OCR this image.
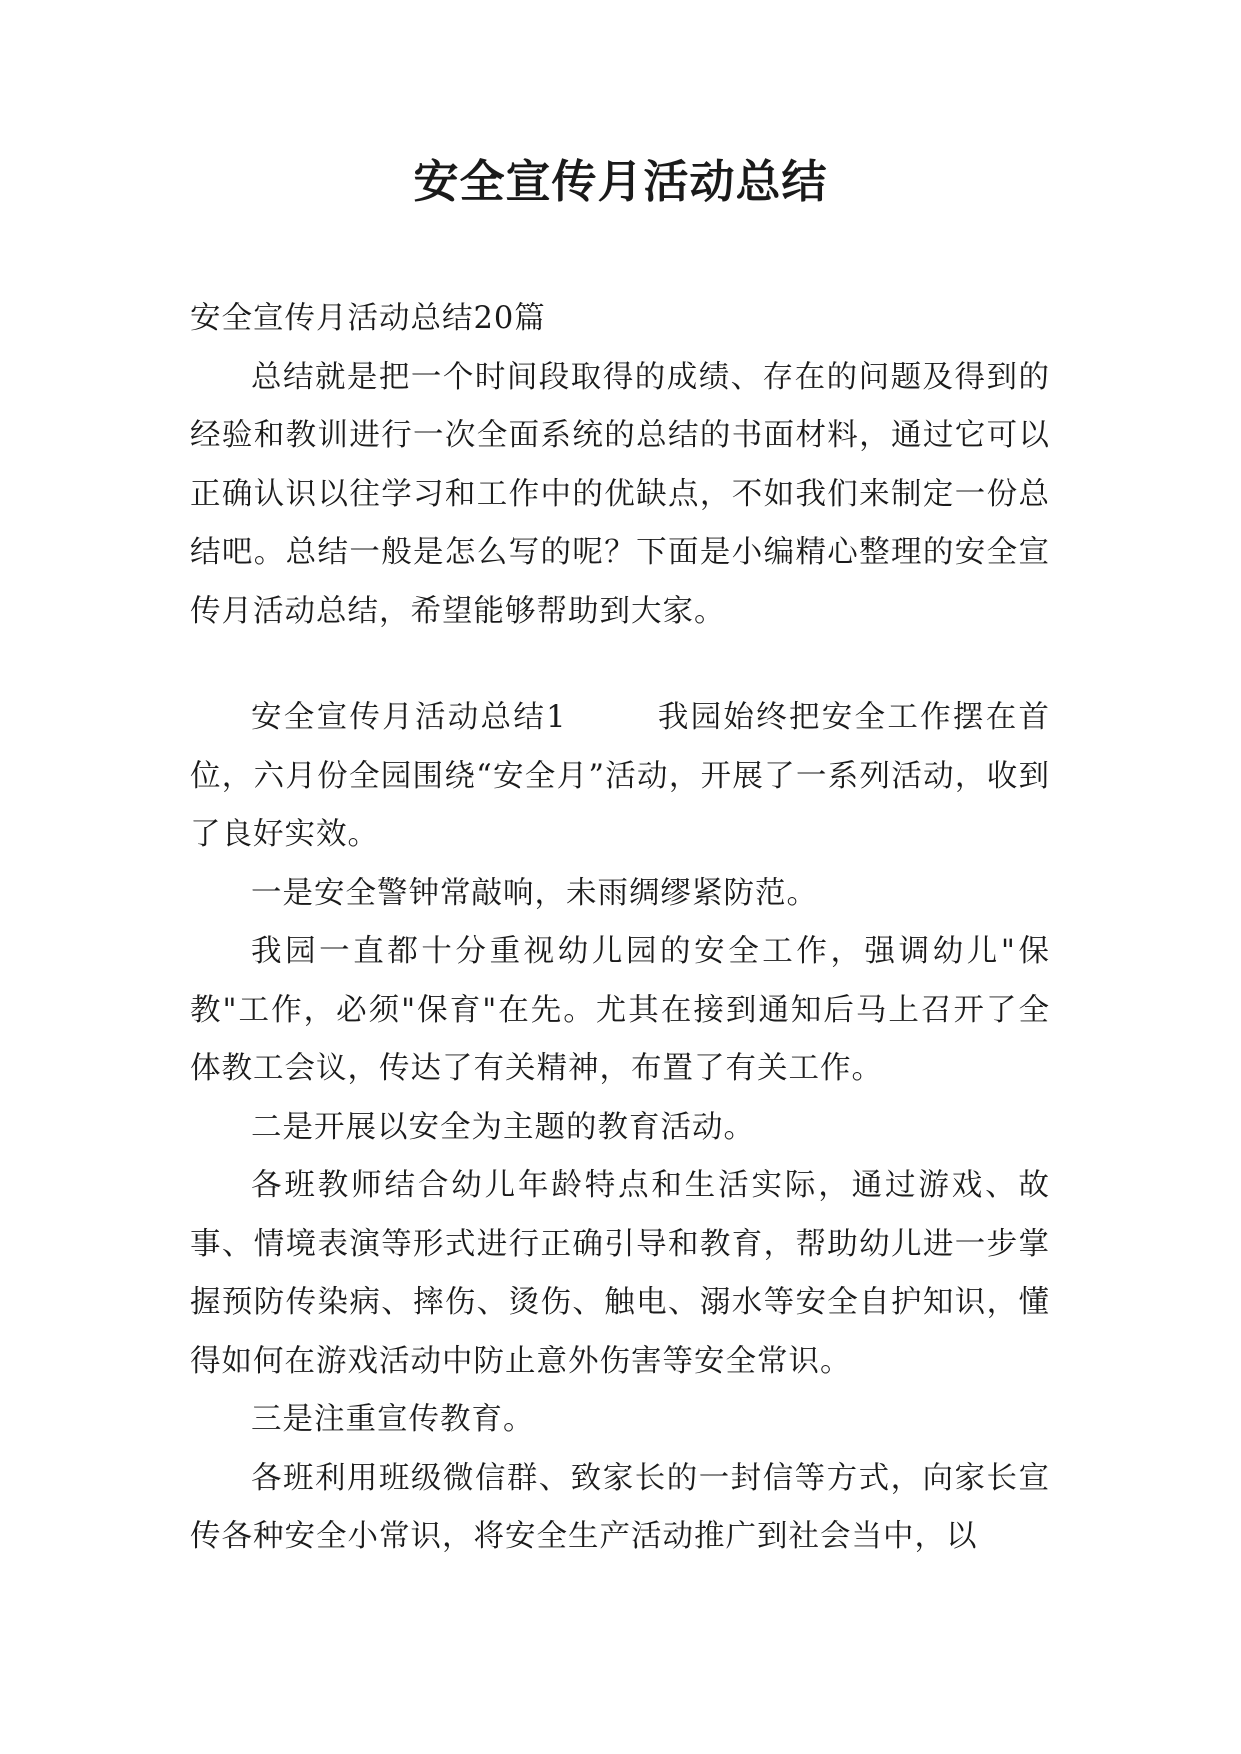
安全宣传月活动总结

安全宣传月活动总结20篇

总结就是把一个时间段取得的成绩、存在的问题及得到的经验和教训进行一次全面系统的总结的书面材料，通过它可以正确认识以往学习和工作中的优缺点，不如我们来制定一份总结吧。总结一般是怎么写的呢？下面是小编精心整理的安全宣传月活动总结，希望能够帮助到大家。

安全宣传月活动总结1	我园始终把安全工作摆在首位，六月份全园围绕“安全月”活动，开展了一系列活动，收到了良好实效。

一是安全警钟常敲响，未雨绸缪紧防范。

我园一直都十分重视幼儿园的安全工作，强调幼儿"保教"工作，必须"保育"在先。尤其在接到通知后马上召开了全体教工会议，传达了有关精神，布置了有关工作。

二是开展以安全为主题的教育活动。

各班教师结合幼儿年龄特点和生活实际，通过游戏、故事、情境表演等形式进行正确引导和教育，帮助幼儿进一步掌握预防传染病、摔伤、烫伤、触电、溺水等安全自护知识，懂得如何在游戏活动中防止意外伤害等安全常识。

三是注重宣传教育。

各班利用班级微信群、致家长的一封信等方式，向家长宣传各种安全小常识，将安全生产活动推广到社会当中，以
